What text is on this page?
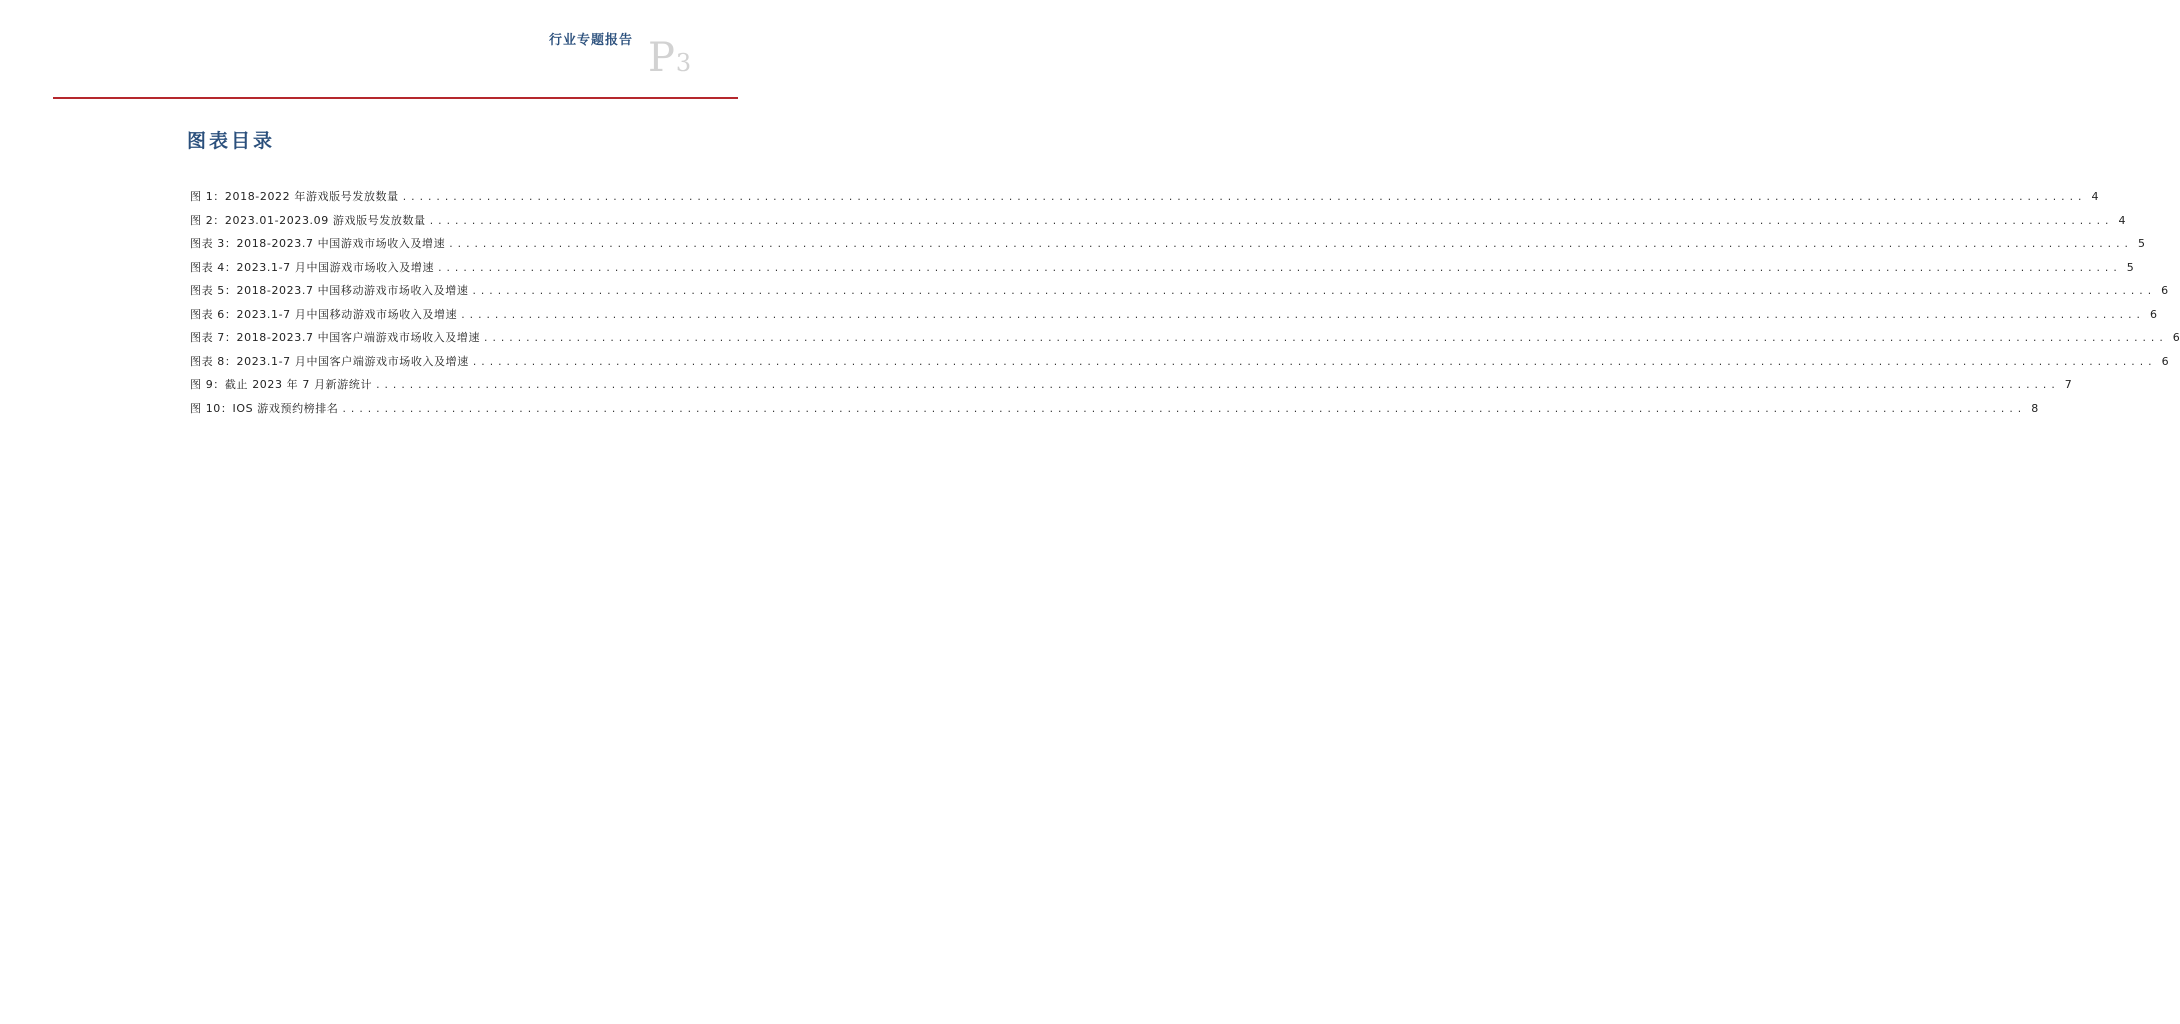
行业专题报告 P3
图表目录
图 1：2018-2022 年游戏版号发放数量 ........................................................................................................................................................................................................ 4
图 2：2023.01-2023.09 游戏版号发放数量 ........................................................................................................................................................................................................ 4
图表 3：2018-2023.7 中国游戏市场收入及增速 ........................................................................................................................................................................................................ 5
图表 4：2023.1-7 月中国游戏市场收入及增速 ........................................................................................................................................................................................................ 5
图表 5：2018-2023.7 中国移动游戏市场收入及增速 ........................................................................................................................................................................................................ 6
图表 6：2023.1-7 月中国移动游戏市场收入及增速 ........................................................................................................................................................................................................ 6
图表 7：2018-2023.7 中国客户端游戏市场收入及增速 ........................................................................................................................................................................................................ 6
图表 8：2023.1-7 月中国客户端游戏市场收入及增速 ........................................................................................................................................................................................................ 6
图 9：截止 2023 年 7 月新游统计 ........................................................................................................................................................................................................ 7
图 10：IOS 游戏预约榜排名 ........................................................................................................................................................................................................ 8
